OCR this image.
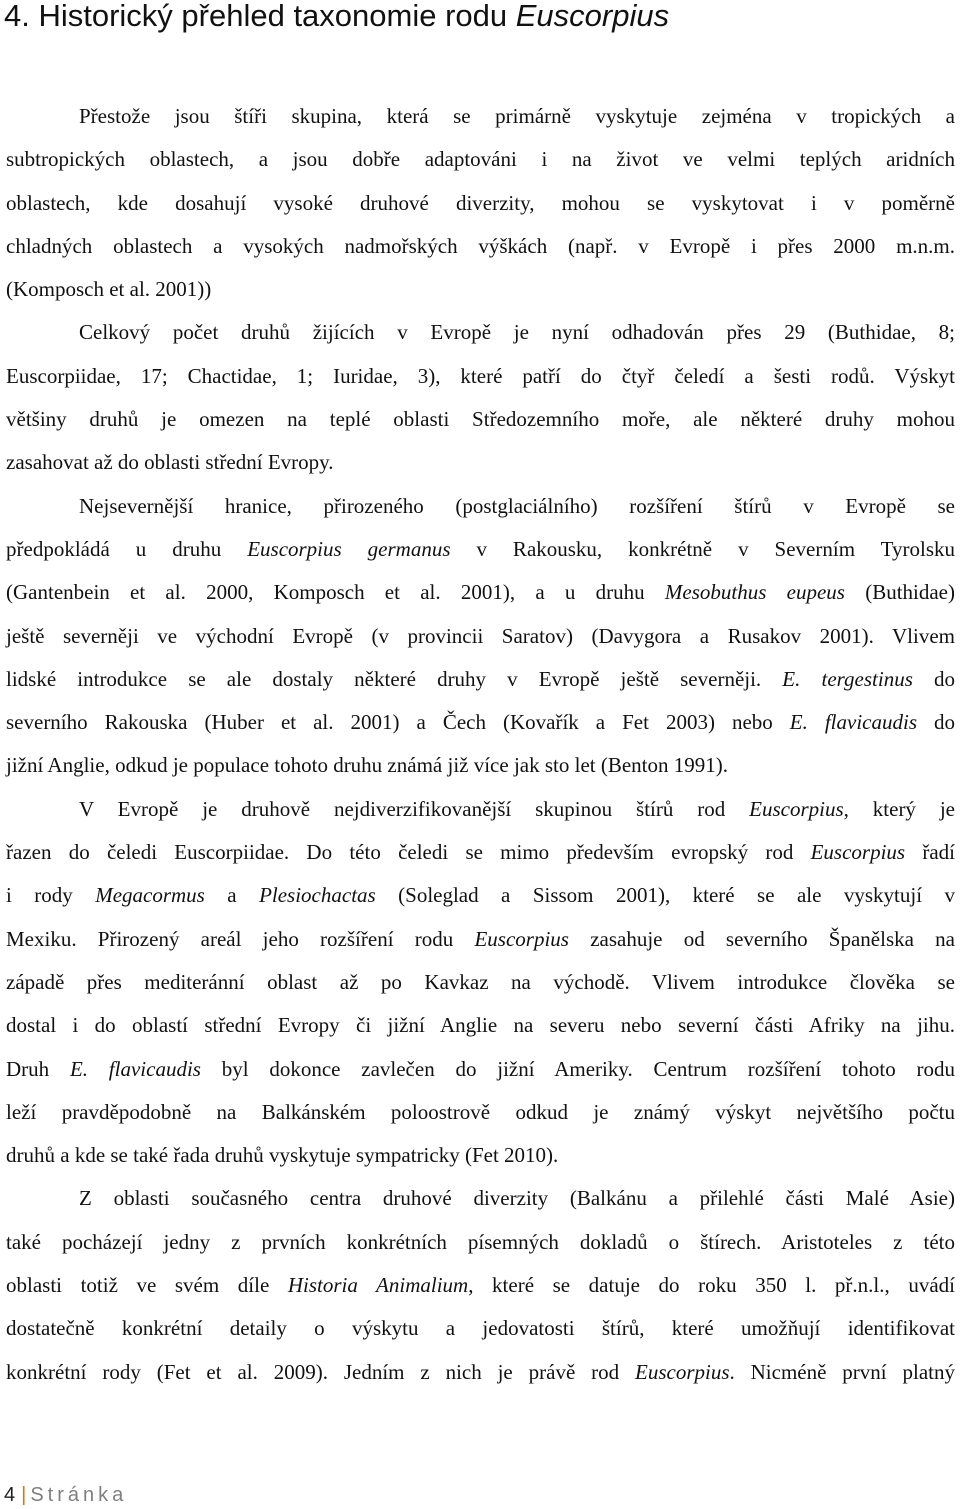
4. Historický přehled taxonomie rodu Euscorpius
Přestože jsou štíři skupina, která se primárně vyskytuje zejména v tropických a
subtropických oblastech, a jsou dobře adaptováni i na život ve velmi teplých aridních
oblastech, kde dosahují vysoké druhové diverzity, mohou se vyskytovat i v poměrně
chladných oblastech a vysokých nadmořských výškách (např. v Evropě i přes 2000 m.n.m.
(Komposch et al. 2001))
Celkový počet druhů žijících v Evropě je nyní odhadován přes 29 (Buthidae, 8;
Euscorpiidae, 17; Chactidae, 1; Iuridae, 3), které patří do čtyř čeledí a šesti rodů. Výskyt
většiny druhů je omezen na teplé oblasti Středozemního moře, ale některé druhy mohou
zasahovat až do oblasti střední Evropy.
Nejsevernější hranice, přirozeného (postglaciálního) rozšíření štírů v Evropě se
předpokládá u druhu Euscorpius germanus v Rakousku, konkrétně v Severním Tyrolsku
(Gantenbein et al. 2000, Komposch et al. 2001), a u druhu Mesobuthus eupeus (Buthidae)
ještě severněji ve východní Evropě (v provincii Saratov) (Davygora a Rusakov 2001). Vlivem
lidské introdukce se ale dostaly některé druhy v Evropě ještě severněji. E. tergestinus do
severního Rakouska (Huber et al. 2001) a Čech (Kovařík a Fet 2003) nebo E. flavicaudis do
jižní Anglie, odkud je populace tohoto druhu známá již více jak sto let (Benton 1991).
V Evropě je druhově nejdiverzifikovanější skupinou štírů rod Euscorpius, který je
řazen do čeledi Euscorpiidae. Do této čeledi se mimo především evropský rod Euscorpius řadí
i rody Megacormus a Plesiochactas (Soleglad a Sissom 2001), které se ale vyskytují v
Mexiku. Přirozený areál jeho rozšíření rodu Euscorpius zasahuje od severního Španělska na
západě přes mediteránní oblast až po Kavkaz na východě. Vlivem introdukce člověka se
dostal i do oblastí střední Evropy či jižní Anglie na severu nebo severní části Afriky na jihu.
Druh E. flavicaudis byl dokonce zavlečen do jižní Ameriky. Centrum rozšíření tohoto rodu
leží pravděpodobně na Balkánském poloostrově odkud je známý výskyt největšího počtu
druhů a kde se také řada druhů vyskytuje sympatricky (Fet 2010).
Z oblasti současného centra druhové diverzity (Balkánu a přilehlé části Malé Asie)
také pocházejí jedny z prvních konkrétních písemných dokladů o štírech. Aristoteles z této
oblasti totiž ve svém díle Historia Animalium, které se datuje do roku 350 l. př.n.l., uvádí
dostatečně konkrétní detaily o výskytu a jedovatosti štírů, které umožňují identifikovat
konkrétní rody (Fet et al. 2009). Jedním z nich je právě rod Euscorpius. Nicméně první platný
4 | Stránka
